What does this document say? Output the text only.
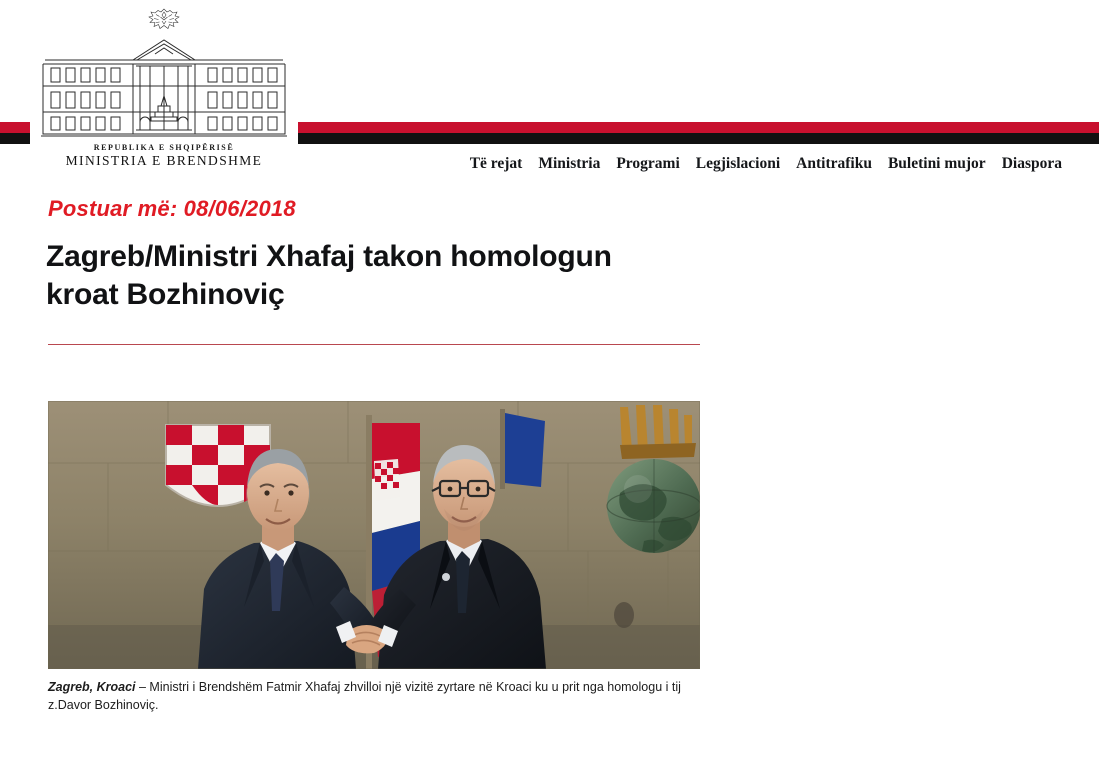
REPUBLIKA E SHQIPËRISË
MINISTRIA E BRENDSHME	Të rejat	Ministria	Programi	Legjislacioni	Antitrafiku	Buletini mujor	Diaspora
Postuar më: 08/06/2018
Zagreb/Ministri Xhafaj takon homologun kroat Bozhinoviç
Zagreb, Kroaci – Ministri i Brendshëm Fatmir Xhafaj zhvilloi një vizitë zyrtare në Kroaci ku u prit nga homologu i tij z.Davor Bozhinoviç.
